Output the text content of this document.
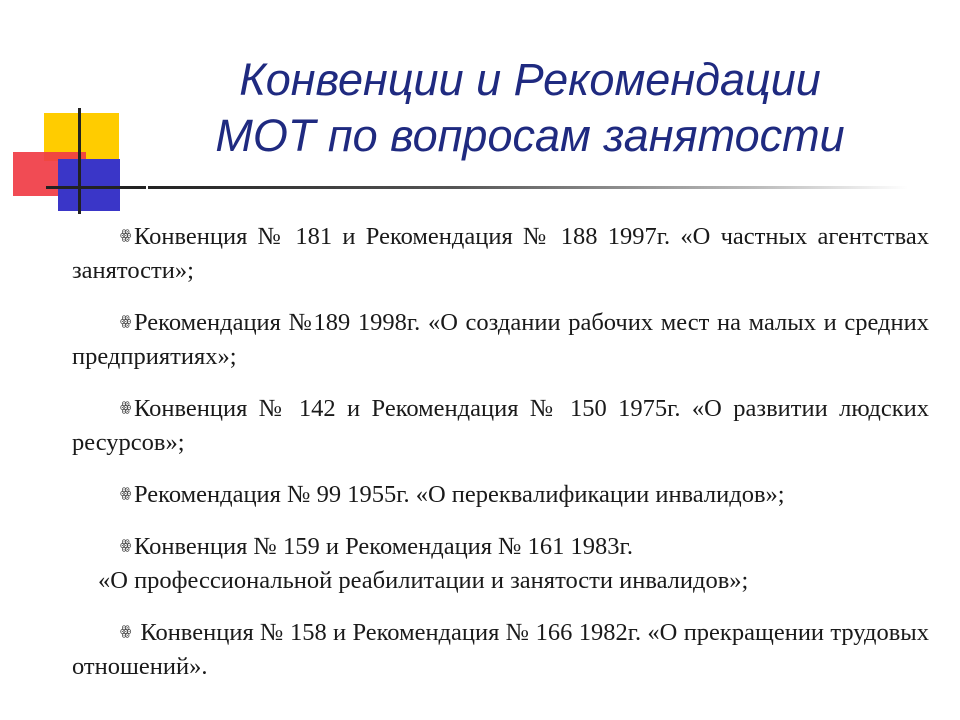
Конвенции и Рекомендации
МОТ по вопросам занятости
ꙮ Конвенция № 181 и Рекомендация № 188 1997г. «О частных агентствах занятости»;
ꙮ Рекомендация №189 1998г. «О создании рабочих мест на малых и средних предприятиях»;
ꙮ Конвенция № 142 и Рекомендация № 150 1975г. «О развитии людских ресурсов»;
ꙮ Рекомендация № 99 1955г. «О переквалификации инвалидов»;
ꙮ Конвенция № 159 и Рекомендация № 161 1983г.
«О профессиональной реабилитации и занятости инвалидов»;
ꙮ Конвенция № 158 и Рекомендация № 166 1982г. «О прекращении трудовых отношений».
